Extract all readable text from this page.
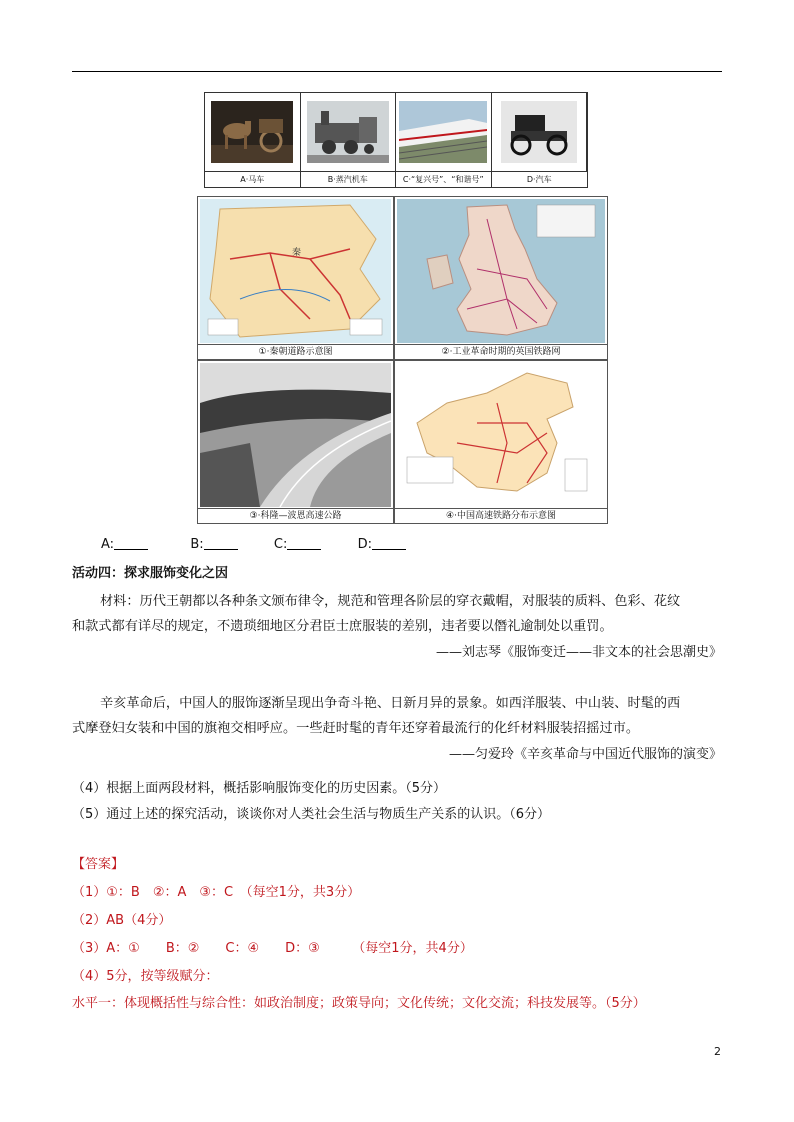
A·马车	B·蒸汽机车	C·“复兴号”、“和谐号”	D·汽车
秦
①·秦朝道路示意图	②·工业革命时期的英国铁路网
③·科隆—波恩高速公路	④·中国高速铁路分布示意图
A:	B:	C:	D:
活动四：探求服饰变化之因
材料：历代王朝都以各种条文颁布律令，规范和管理各阶层的穿衣戴帽，对服装的质料、色彩、花纹
和款式都有详尽的规定，不遗琐细地区分君臣士庶服装的差别，违者要以僭礼逾制处以重罚。
——刘志琴《服饰变迁——非文本的社会思潮史》
辛亥革命后，中国人的服饰逐渐呈现出争奇斗艳、日新月异的景象。如西洋服装、中山装、时髦的西
式摩登妇女装和中国的旗袍交相呼应。一些赶时髦的青年还穿着最流行的化纤材料服装招摇过市。
——匀爱玲《辛亥革命与中国近代服饰的演变》
（4）根据上面两段材料，概括影响服饰变化的历史因素。（5分）
（5）通过上述的探究活动，谈谈你对人类社会生活与物质生产关系的认识。（6分）
【答案】
（1）①：B　②：A　③：C　（每空1分，共3分）
（2）AB（4分）
（3）A：①　　B：②　　C：④　　D：③　　　（每空1分，共4分）
（4）5分，按等级赋分：
水平一：体现概括性与综合性：如政治制度；政策导向；文化传统；文化交流；科技发展等。（5分）
2
